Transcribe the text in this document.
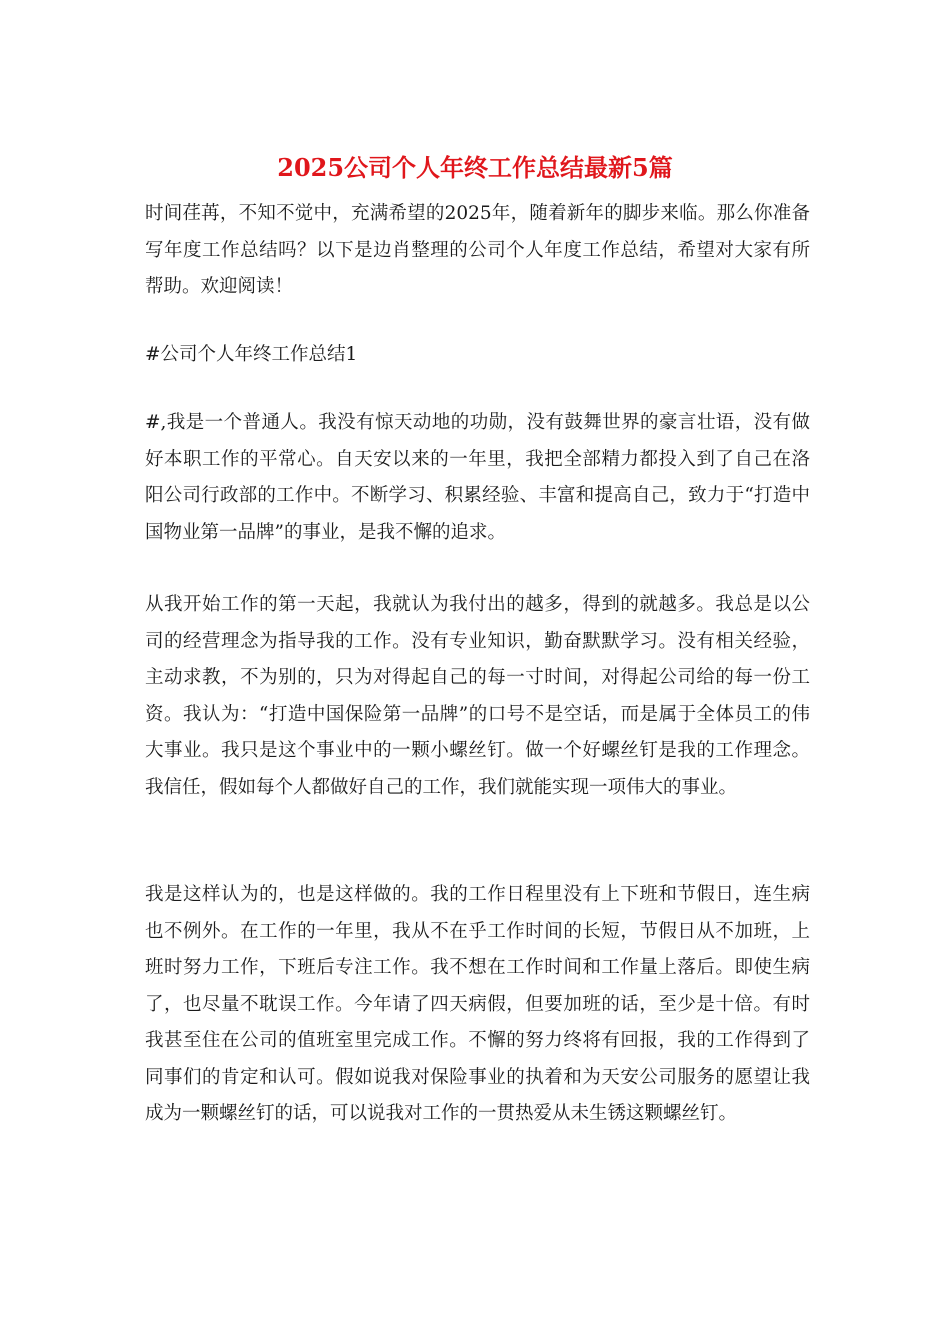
2025公司个人年终工作总结最新5篇

时间荏苒，不知不觉中，充满希望的2025年，随着新年的脚步来临。那么你准备写年度工作总结吗？以下是边肖整理的公司个人年度工作总结，希望对大家有所帮助。欢迎阅读！

#公司个人年终工作总结1

#,我是一个普通人。我没有惊天动地的功勋，没有鼓舞世界的豪言壮语，没有做好本职工作的平常心。自天安以来的一年里，我把全部精力都投入到了自己在洛阳公司行政部的工作中。不断学习、积累经验、丰富和提高自己，致力于“打造中国物业第一品牌”的事业，是我不懈的追求。

从我开始工作的第一天起，我就认为我付出的越多，得到的就越多。我总是以公司的经营理念为指导我的工作。没有专业知识，勤奋默默学习。没有相关经验，主动求教，不为别的，只为对得起自己的每一寸时间，对得起公司给的每一份工资。我认为：“打造中国保险第一品牌”的口号不是空话，而是属于全体员工的伟大事业。我只是这个事业中的一颗小螺丝钉。做一个好螺丝钉是我的工作理念。我信任，假如每个人都做好自己的工作，我们就能实现一项伟大的事业。

我是这样认为的，也是这样做的。我的工作日程里没有上下班和节假日，连生病也不例外。在工作的一年里，我从不在乎工作时间的长短，节假日从不加班，上班时努力工作，下班后专注工作。我不想在工作时间和工作量上落后。即使生病了，也尽量不耽误工作。今年请了四天病假，但要加班的话，至少是十倍。有时我甚至住在公司的值班室里完成工作。不懈的努力终将有回报，我的工作得到了同事们的肯定和认可。假如说我对保险事业的执着和为天安公司服务的愿望让我成为一颗螺丝钉的话，可以说我对工作的一贯热爱从未生锈这颗螺丝钉。
